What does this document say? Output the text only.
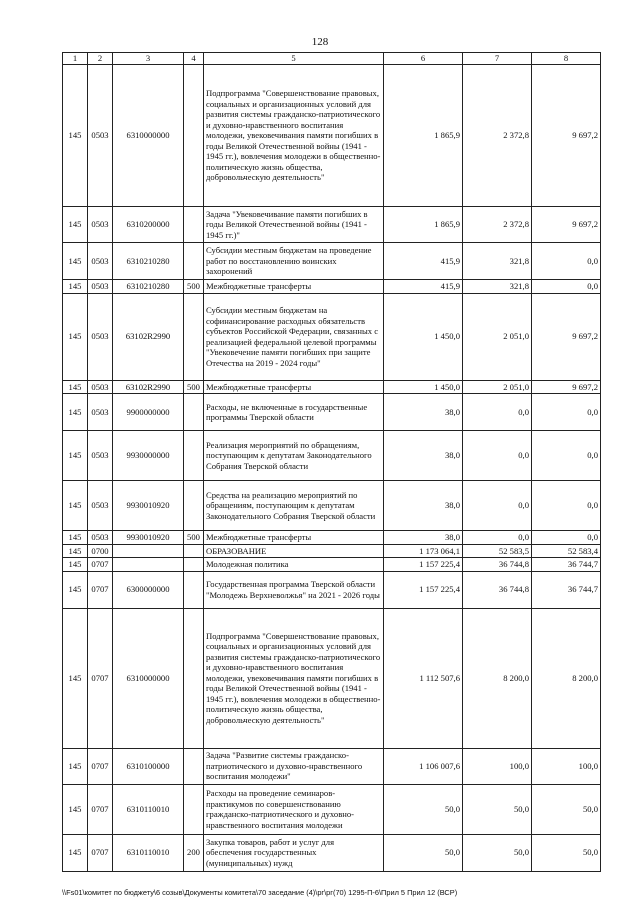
128
1	2	3	4	5	6	7	8
145	0503	6310000000		Подпрограмма "Совершенствование правовых, социальных и организационных условий для развития системы гражданско-патриотического и духовно-нравственного воспитания молодежи, увековечивания памяти погибших в годы Великой Отечественной войны (1941 - 1945 гг.), вовлечения молодежи в общественно-политическую жизнь общества, добровольческую деятельность"	1 865,9	2 372,8	9 697,2
145	0503	6310200000		Задача "Увековечивание памяти погибших в годы Великой Отечественной войны (1941 - 1945 гг.)"	1 865,9	2 372,8	9 697,2
145	0503	6310210280		Субсидии местным бюджетам на проведение работ по восстановлению воинских захоронений	415,9	321,8	0,0
145	0503	6310210280	500	Межбюджетные трансферты	415,9	321,8	0,0
145	0503	63102R2990		Субсидии местным бюджетам на софинансирование расходных обязательств субъектов Российской Федерации, связанных с реализацией федеральной целевой программы "Увековечение памяти погибших при защите Отечества на 2019 - 2024 годы"	1 450,0	2 051,0	9 697,2
145	0503	63102R2990	500	Межбюджетные трансферты	1 450,0	2 051,0	9 697,2
145	0503	9900000000		Расходы, не включенные в государственные программы Тверской области	38,0	0,0	0,0
145	0503	9930000000		Реализация мероприятий по обращениям, поступающим к депутатам Законодательного Собрания Тверской области	38,0	0,0	0,0
145	0503	9930010920		Средства на реализацию мероприятий по обращениям, поступающим к депутатам Законодательного Собрания Тверской области	38,0	0,0	0,0
145	0503	9930010920	500	Межбюджетные трансферты	38,0	0,0	0,0
145	0700			ОБРАЗОВАНИЕ	1 173 064,1	52 583,5	52 583,4
145	0707			Молодежная политика	1 157 225,4	36 744,8	36 744,7
145	0707	6300000000		Государственная программа Тверской области "Молодежь Верхневолжья" на 2021 - 2026 годы	1 157 225,4	36 744,8	36 744,7
145	0707	6310000000		Подпрограмма "Совершенствование правовых, социальных и организационных условий для развития системы гражданско-патриотического и духовно-нравственного воспитания молодежи, увековечивания памяти погибших в годы Великой Отечественной войны (1941 - 1945 гг.), вовлечения молодежи в общественно-политическую жизнь общества, добровольческую деятельность"	1 112 507,6	8 200,0	8 200,0
145	0707	6310100000		Задача "Развитие системы гражданско-патриотического и духовно-нравственного воспитания молодежи"	1 106 007,6	100,0	100,0
145	0707	6310110010		Расходы на проведение семинаров-практикумов по совершенствованию гражданско-патриотического и духовно-нравственного воспитания молодежи	50,0	50,0	50,0
145	0707	6310110010	200	Закупка товаров, работ и услуг для обеспечения государственных (муниципальных) нужд	50,0	50,0	50,0
\\Fs01\комитет по бюджету\6 созыв\Документы комитета\70 заседание (4)\рг\рг(70) 1295-П-6\Прил 5 Прил 12 (ВСР)
